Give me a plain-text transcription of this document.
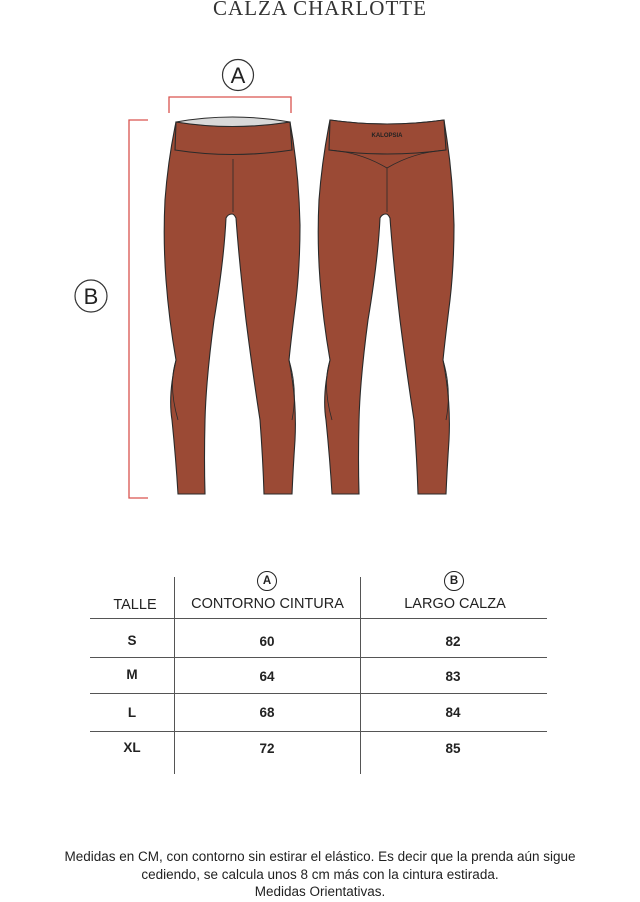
CALZA CHARLOTTE
A
B
KALOPSIA
A	B
TALLE	CONTORNO CINTURA	LARGO CALZA
S	60	82
M	64	83
L	68	84
XL	72	85
Medidas en CM, con contorno sin estirar el elástico. Es decir que la prenda aún sigue
cediendo, se calcula unos 8 cm más con la cintura estirada.
Medidas Orientativas.
